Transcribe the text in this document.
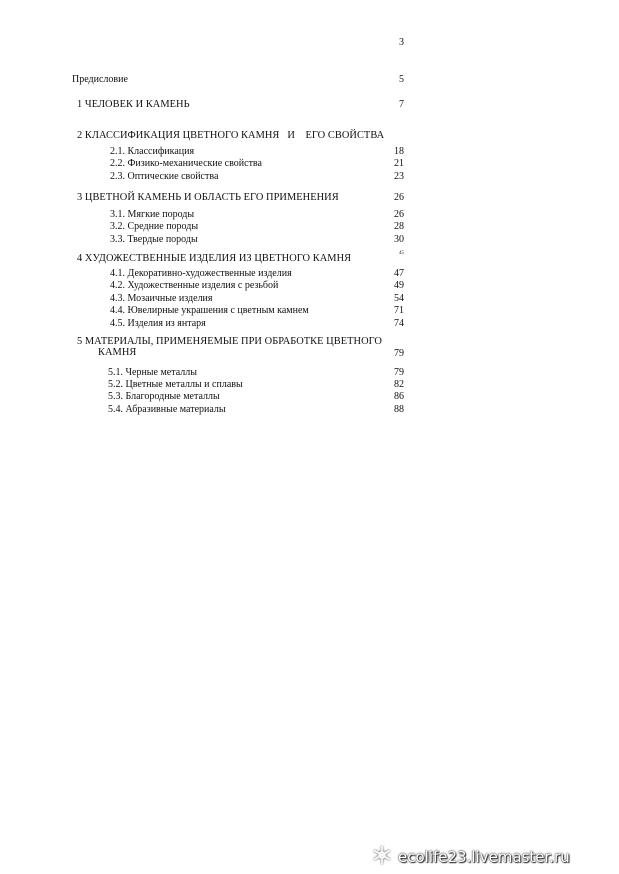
3
Предисловие	5
1 ЧЕЛОВЕК И КАМЕНЬ	7
2 КЛАССИФИКАЦИЯ ЦВЕТНОГО КАМНЯ   И    ЕГО СВОЙСТВА
2.1. Классификация	18
2.2. Физико-механические свойства	21
2.3. Оптические свойства	23
3 ЦВЕТНОЙ КАМЕНЬ И ОБЛАСТЬ ЕГО ПРИМЕНЕНИЯ	26
3.1. Мягкие породы	26
3.2. Средние породы	28
3.3. Твердые породы	30
4 ХУДОЖЕСТВЕННЫЕ ИЗДЕЛИЯ ИЗ ЦВЕТНОГО КАМНЯ	45
4.1. Декоративно-художественные изделия	47
4.2. Художественные изделия с резьбой	49
4.3. Мозаичные изделия	54
4.4. Ювелирные украшения с цветным камнем	71
4.5. Изделия из янтаря	74
5 МАТЕРИАЛЫ, ПРИМЕНЯЕМЫЕ ПРИ ОБРАБОТКЕ ЦВЕТНОГО
КАМНЯ	79
5.1. Черные металлы	79
5.2. Цветные металлы и сплавы	82
5.3. Благородные металлы	86
5.4. Абразивные материалы	88
ecolife23.livemaster.ru
